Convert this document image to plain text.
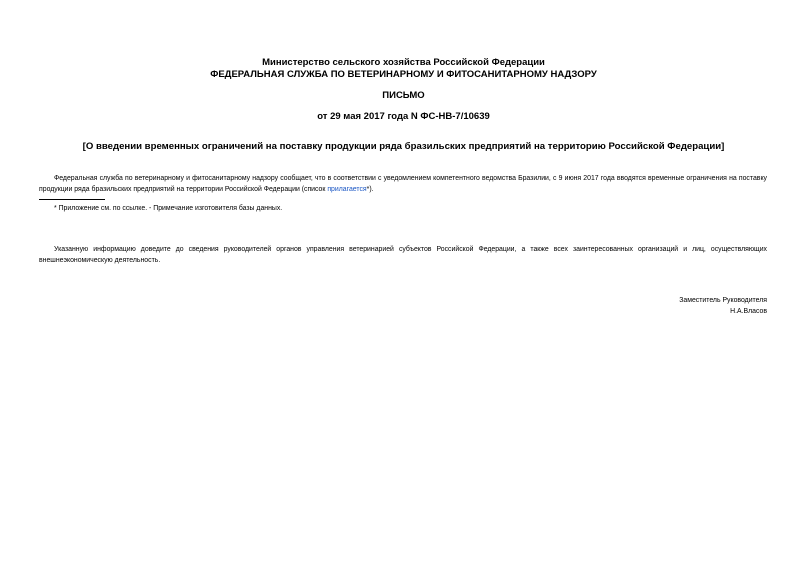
Министерство сельского хозяйства Российской Федерации
ФЕДЕРАЛЬНАЯ СЛУЖБА ПО ВЕТЕРИНАРНОМУ И ФИТОСАНИТАРНОМУ НАДЗОРУ
ПИСЬМО
от 29 мая 2017 года N ФС-НВ-7/10639
[О введении временных ограничений на поставку продукции ряда бразильских предприятий на территорию Российской Федерации]

Федеральная служба по ветеринарному и фитосанитарному надзору сообщает, что в соответствии с уведомлением компетентного ведомства Бразилии, с 9 июня 2017 года вводятся временные ограничения на поставку продукции ряда бразильских предприятий на территории Российской Федерации (список прилагается*).

* Приложение см. по ссылке. - Примечание изготовителя базы данных.

Указанную информацию доведите до сведения руководителей органов управления ветеринарией субъектов Российской Федерации, а также всех заинтересованных организаций и лиц, осуществляющих внешнеэкономическую деятельность.

Заместитель Руководителя
Н.А.Власов
